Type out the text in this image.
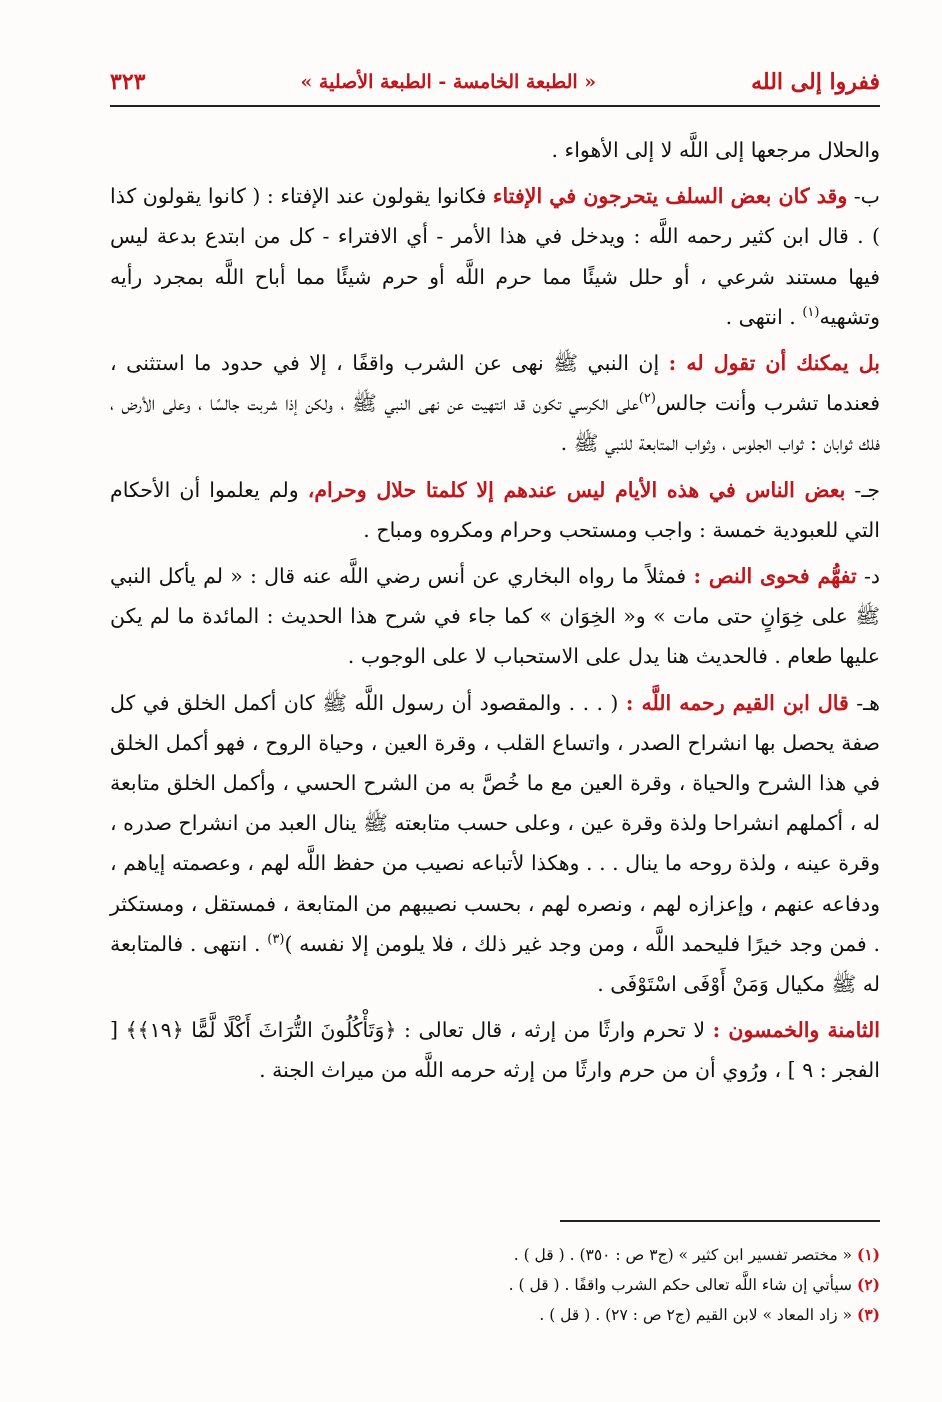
ففروا إلى الله
« الطبعة الخامسة - الطبعة الأصلية »
٣٢٣

والحلال مرجعها إلى اللَّه لا إلى الأهواء .

ب- وقد كان بعض السلف يتحرجون في الإفتاء فكانوا يقولون عند الإفتاء : ( كانوا يقولون كذا ) . قال ابن كثير رحمه اللَّه : ويدخل في هذا الأمر - أي الافتراء - كل من ابتدع بدعة ليس فيها مستند شرعي ، أو حلل شيئًا مما حرم اللَّه أو حرم شيئًا مما أباح اللَّه بمجرد رأيه وتشهيه$^{(١)}$ . انتهى .

بل يمكنك أن تقول له : إن النبي ﷺ نهى عن الشرب واقفًا ، إلا في حدود ما استثنى ، فعندما تشرب وأنت جالس$^{(٢)}$على الكرسي تكون قد انتهيت عن نهى النبي ﷺ ، ولكن إذا شربت جالسًا ، وعلى الأرض ، فلك ثوابان : ثواب الجلوس ، وثواب المتابعة للنبي ﷺ .

جـ- بعض الناس في هذه الأيام ليس عندهم إلا كلمتا حلال وحرام، ولم يعلموا أن الأحكام التي للعبودية خمسة : واجب ومستحب وحرام ومكروه ومباح .

د- تفهُّم فحوى النص : فمثلاً ما رواه البخاري عن أنس رضي اللَّه عنه قال : « لم يأكل النبي ﷺ على خِوَانٍ حتى مات » و« الخِوَان » كما جاء في شرح هذا الحديث : المائدة ما لم يكن عليها طعام . فالحديث هنا يدل على الاستحباب لا على الوجوب .

هـ- قال ابن القيم رحمه اللَّه : ( . . . والمقصود أن رسول اللَّه ﷺ كان أكمل الخلق في كل صفة يحصل بها انشراح الصدر ، واتساع القلب ، وقرة العين ، وحياة الروح ، فهو أكمل الخلق في هذا الشرح والحياة ، وقرة العين مع ما خُصَّ به من الشرح الحسي ، وأكمل الخلق متابعة له ، أكملهم انشراحا ولذة وقرة عين ، وعلى حسب متابعته ﷺ ينال العبد من انشراح صدره ، وقرة عينه ، ولذة روحه ما ينال . . . وهكذا لأتباعه نصيب من حفظ اللَّه لهم ، وعصمته إياهم ، ودفاعه عنهم ، وإعزازه لهم ، ونصره لهم ، بحسب نصيبهم من المتابعة ، فمستقل ، ومستكثر . فمن وجد خيرًا فليحمد اللَّه ، ومن وجد غير ذلك ، فلا يلومن إلا نفسه )$^{(٣)}$ . انتهى . فالمتابعة له ﷺ مكيال وَمَنْ أَوْفَى اسْتَوْفَى .

الثامنة والخمسون : لا تحرم وارثًا من إرثه ، قال تعالى : ﴿وَتَأْكُلُونَ التُّرَاثَ أَكْلًا لَّمًّا ﴿١٩﴾﴾ [ الفجر : ٩ ] ، ورُوي أن من حرم وارثًا من إرثه حرمه اللَّه من ميراث الجنة .

(١) « مختصر تفسير ابن كثير » (ج٣ ص : ٣٥٠) . ( قل ) .
(٢) سيأتي إن شاء اللَّه تعالى حكم الشرب واقفًا . ( قل ) .
(٣) « زاد المعاد » لابن القيم (ج٢ ص : ٢٧) . ( قل ) .
